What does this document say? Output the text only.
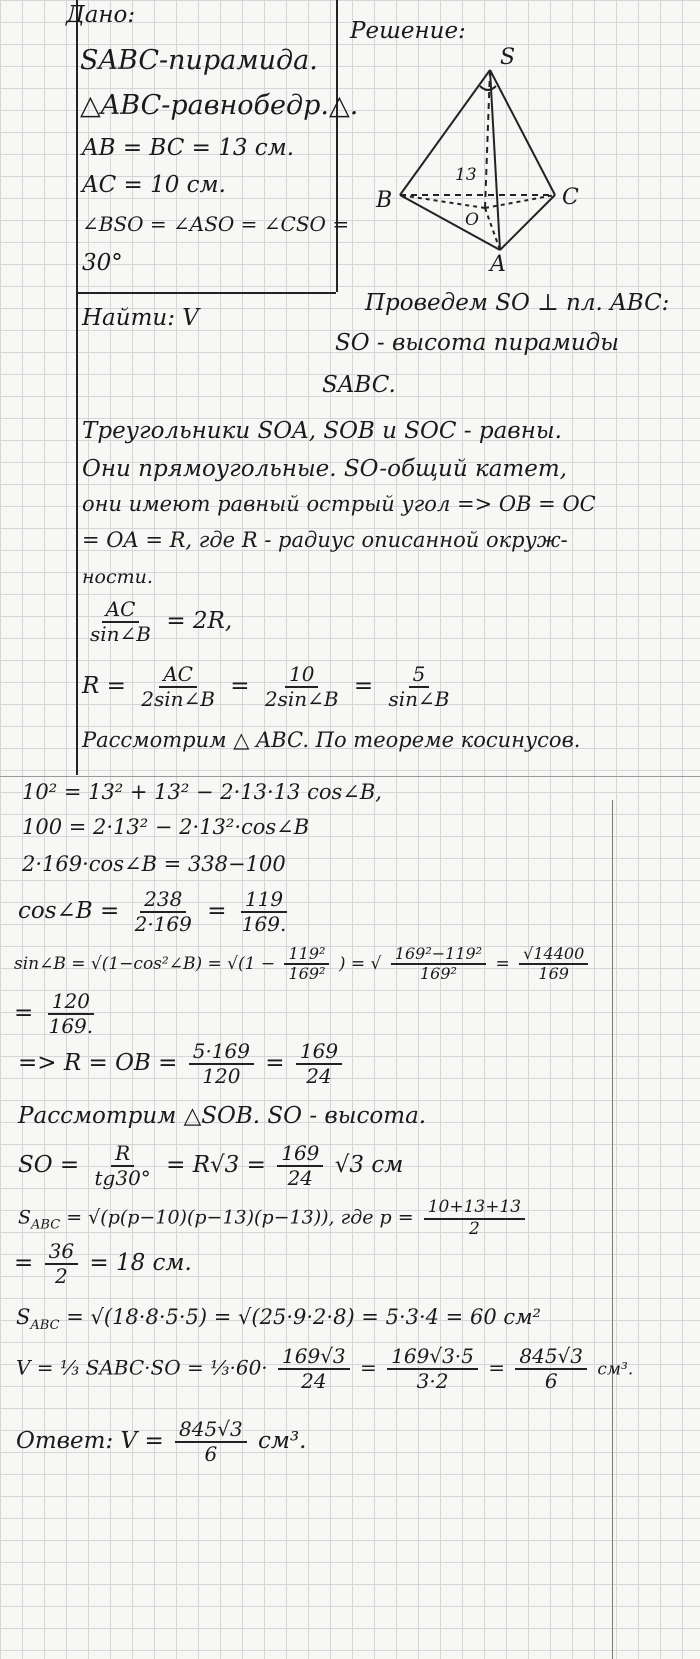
Дано:
SABC-пирамида.
△ABC-равнобедр.△.
AB = BC = 13 см.
AC = 10 см.
∠BSO = ∠ASO = ∠CSO =
30°
Найти: V
Решение:
S
B	C
A
O
13
Проведем SO ⊥ пл. ABC:
SO - высота пирамиды
SABC.
Треугольники SOA, SOB и SOC - равны.
Они прямоугольные. SO-общий катет,
они имеют равный острый угол => OB = OC
= OA = R, где R - радиус описанной окруж-
ности.
$\frac{AC}{\sin\angle B} = 2R$,
$R = \frac{AC}{2\sin\angle B} = \frac{10}{2\sin\angle B} = \frac{5}{\sin\angle B}$
Рассмотрим △ ABC. По теореме косинусов.
10² = 13² + 13² − 2·13·13 cos∠B,
100 = 2·13² − 2·13²·cos∠B
2·169·cos∠B = 338−100
cos∠B = $\frac{238}{2\cdot 169} = \frac{119}{169.}$
sin∠B = √(1−cos²∠B) = $√(1 - \frac{\text{119²}}{\text{169²}}$ ) = √ $\frac{\text{169²−119²}}{\text{169²}} = \frac{√14400}{169}$
= $\frac{120}{169.}$
=> R = OB = $\frac{5\cdot 169}{120} = \frac{169}{24}$
Рассмотрим △SOB. SO - высота.
SO = $\frac{R}{tg30^\circ} = R√3 = \frac{169}{24} √3$ см
$S_{ABC} = √(p(p-10)(p-13)(p-13))$, где $p = \frac{10+13+13}{2}$
= $\frac{36}{2} = 18$ см.
$S_{ABC} = √(18\cdot 8\cdot 5\cdot 5) = √(25\cdot 9\cdot 2\cdot 8) = 5\cdot 3\cdot 4 = 60$ см²
V = ⅓ SABC·SO = ⅓·60· $\frac{169√3}{24} = \frac{169√3\cdot 5}{3\cdot 2} = \frac{845√3}{6} см^3$.
Ответ: $V = \frac{845√3}{6} см^3$.
